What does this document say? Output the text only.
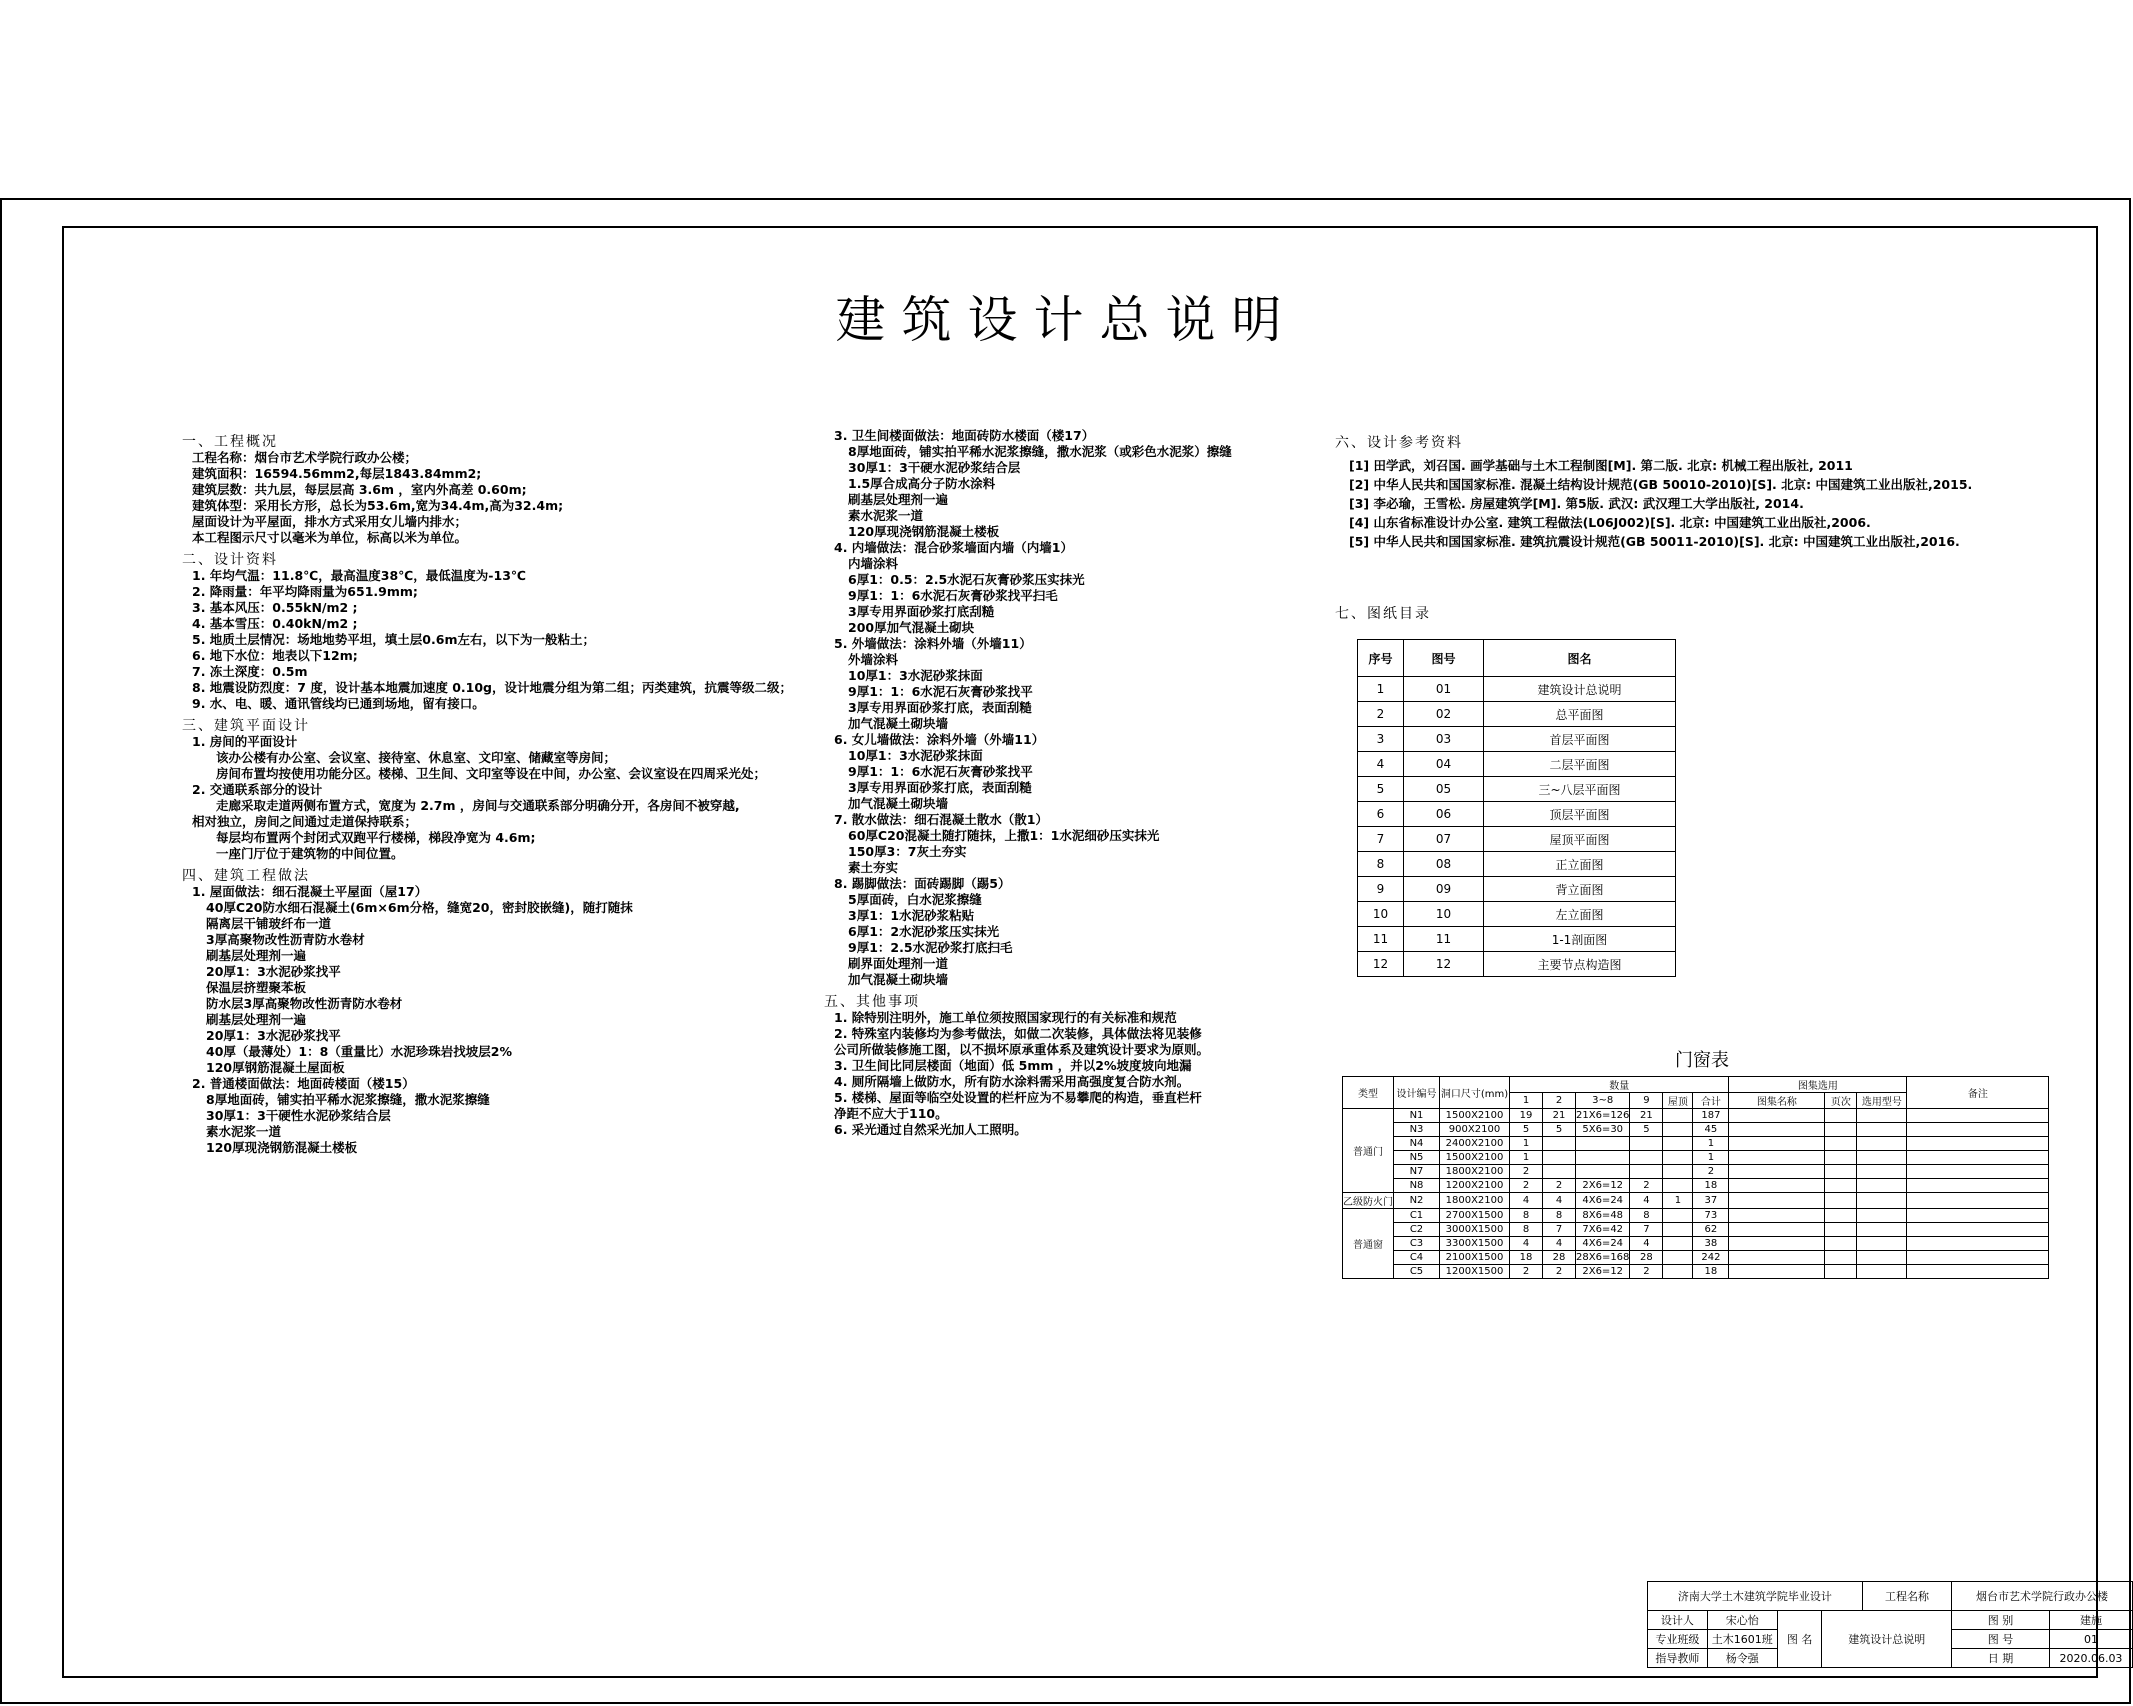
建筑设计总说明
一、工程概况
工程名称：烟台市艺术学院行政办公楼；
建筑面积：16594.56mm2,每层1843.84mm2;
建筑层数：共九层，每层层高 3.6m ，室内外高差 0.60m;
建筑体型：采用长方形，总长为53.6m,宽为34.4m,高为32.4m;
屋面设计为平屋面，排水方式采用女儿墙内排水；
本工程图示尺寸以毫米为单位，标高以米为单位。
二、设计资料
1. 年均气温：11.8℃，最高温度38℃，最低温度为-13℃
2. 降雨量：年平均降雨量为651.9mm;
3. 基本风压：0.55kN/m2 ;
4. 基本雪压：0.40kN/m2 ;
5. 地质土层情况：场地地势平坦，填土层0.6m左右，以下为一般粘土；
6. 地下水位：地表以下12m;
7. 冻土深度：0.5m
8. 地震设防烈度：7 度，设计基本地震加速度 0.10g，设计地震分组为第二组；丙类建筑，抗震等级二级；
9. 水、电、暖、通讯管线均已通到场地，留有接口。
三、建筑平面设计
1. 房间的平面设计
该办公楼有办公室、会议室、接待室、休息室、文印室、储藏室等房间；
房间布置均按使用功能分区。楼梯、卫生间、文印室等设在中间，办公室、会议室设在四周采光处；
2. 交通联系部分的设计
走廊采取走道两侧布置方式，宽度为 2.7m ，房间与交通联系部分明确分开，各房间不被穿越,
相对独立，房间之间通过走道保持联系；
每层均布置两个封闭式双跑平行楼梯，梯段净宽为 4.6m;
一座门厅位于建筑物的中间位置。
四、建筑工程做法
1. 屋面做法：细石混凝土平屋面（屋17）
40厚C20防水细石混凝土(6m×6m分格，缝宽20，密封胶嵌缝)，随打随抹
隔离层干铺玻纤布一道
3厚高聚物改性沥青防水卷材
刷基层处理剂一遍
20厚1：3水泥砂浆找平
保温层挤塑聚苯板
防水层3厚高聚物改性沥青防水卷材
刷基层处理剂一遍
20厚1：3水泥砂浆找平
40厚（最薄处）1：8（重量比）水泥珍珠岩找坡层2%
120厚钢筋混凝土屋面板
2. 普通楼面做法：地面砖楼面（楼15）
8厚地面砖，铺实拍平稀水泥浆擦缝，撒水泥浆擦缝
30厚1：3干硬性水泥砂浆结合层
素水泥浆一道
120厚现浇钢筋混凝土楼板
3. 卫生间楼面做法：地面砖防水楼面（楼17）
8厚地面砖，铺实拍平稀水泥浆擦缝，撒水泥浆（或彩色水泥浆）擦缝
30厚1：3干硬水泥砂浆结合层
1.5厚合成高分子防水涂料
刷基层处理剂一遍
素水泥浆一道
120厚现浇钢筋混凝土楼板
4. 内墙做法：混合砂浆墙面内墙（内墙1）
内墙涂料
6厚1：0.5：2.5水泥石灰膏砂浆压实抹光
9厚1：1：6水泥石灰膏砂浆找平扫毛
3厚专用界面砂浆打底刮糙
200厚加气混凝土砌块
5. 外墙做法：涂料外墙（外墙11）
外墙涂料
10厚1：3水泥砂浆抹面
9厚1：1：6水泥石灰膏砂浆找平
3厚专用界面砂浆打底，表面刮糙
加气混凝土砌块墙
6. 女儿墙做法：涂料外墙（外墙11）
10厚1：3水泥砂浆抹面
9厚1：1：6水泥石灰膏砂浆找平
3厚专用界面砂浆打底，表面刮糙
加气混凝土砌块墙
7. 散水做法：细石混凝土散水（散1）
60厚C20混凝土随打随抹，上撒1：1水泥细砂压实抹光
150厚3：7灰土夯实
素土夯实
8. 踢脚做法：面砖踢脚（踢5）
5厚面砖，白水泥浆擦缝
3厚1：1水泥砂浆粘贴
6厚1：2水泥砂浆压实抹光
9厚1：2.5水泥砂浆打底扫毛
刷界面处理剂一道
加气混凝土砌块墙
五、其他事项
1. 除特别注明外，施工单位须按照国家现行的有关标准和规范
2. 特殊室内装修均为参考做法，如做二次装修，具体做法将见装修
公司所做装修施工图，以不损坏原承重体系及建筑设计要求为原则。
3. 卫生间比同层楼面（地面）低 5mm ，并以2%坡度坡向地漏
4. 厕所隔墙上做防水，所有防水涂料需采用高强度复合防水剂。
5. 楼梯、屋面等临空处设置的栏杆应为不易攀爬的构造，垂直栏杆
净距不应大于110。
6. 采光通过自然采光加人工照明。
六、设计参考资料
[1] 田学武，刘召国. 画学基础与土木工程制图[M]. 第二版. 北京: 机械工程出版社, 2011
[2] 中华人民共和国国家标准. 混凝土结构设计规范(GB 50010-2010)[S]. 北京: 中国建筑工业出版社,2015.
[3] 李必瑜，王雪松. 房屋建筑学[M]. 第5版. 武汉: 武汉理工大学出版社, 2014.
[4] 山东省标准设计办公室. 建筑工程做法(L06J002)[S]. 北京: 中国建筑工业出版社,2006.
[5] 中华人民共和国国家标准. 建筑抗震设计规范(GB 50011-2010)[S]. 北京: 中国建筑工业出版社,2016.
七、图纸目录
序号	图号	图名
1	01	建筑设计总说明
2	02	总平面图
3	03	首层平面图
4	04	二层平面图
5	05	三~八层平面图
6	06	顶层平面图
7	07	屋顶平面图
8	08	正立面图
9	09	背立面图
10	10	左立面图
11	11	1-1剖面图
12	12	主要节点构造图
门窗表
类型	设计编号	洞口尺寸(mm)	数量						图集选用			备注
			1	2	3~8	9	屋顶	合计	图集名称	页次	选用型号	
普通门	N1	1500X2100	19	21	21X6=126	21		187				
	N3	900X2100	5	5	5X6=30	5		45				
	N4	2400X2100	1					1				
	N5	1500X2100	1					1				
	N7	1800X2100	2					2				
	N8	1200X2100	2	2	2X6=12	2		18				
乙级防火门	N2	1800X2100	4	4	4X6=24	4	1	37				
普通窗	C1	2700X1500	8	8	8X6=48	8		73				
	C2	3000X1500	8	7	7X6=42	7		62				
	C3	3300X1500	4	4	4X6=24	4		38				
	C4	2100X1500	18	28	28X6=168	28		242				
	C5	1200X1500	2	2	2X6=12	2		18				
济南大学土木建筑学院毕业设计				工程名称	烟台市艺术学院行政办公楼	
设计人	宋心怡	图 名	建筑设计总说明		图 别	建施
专业班级	土木1601班				图 号	01
指导教师	杨令强				日 期	2020.06.03
